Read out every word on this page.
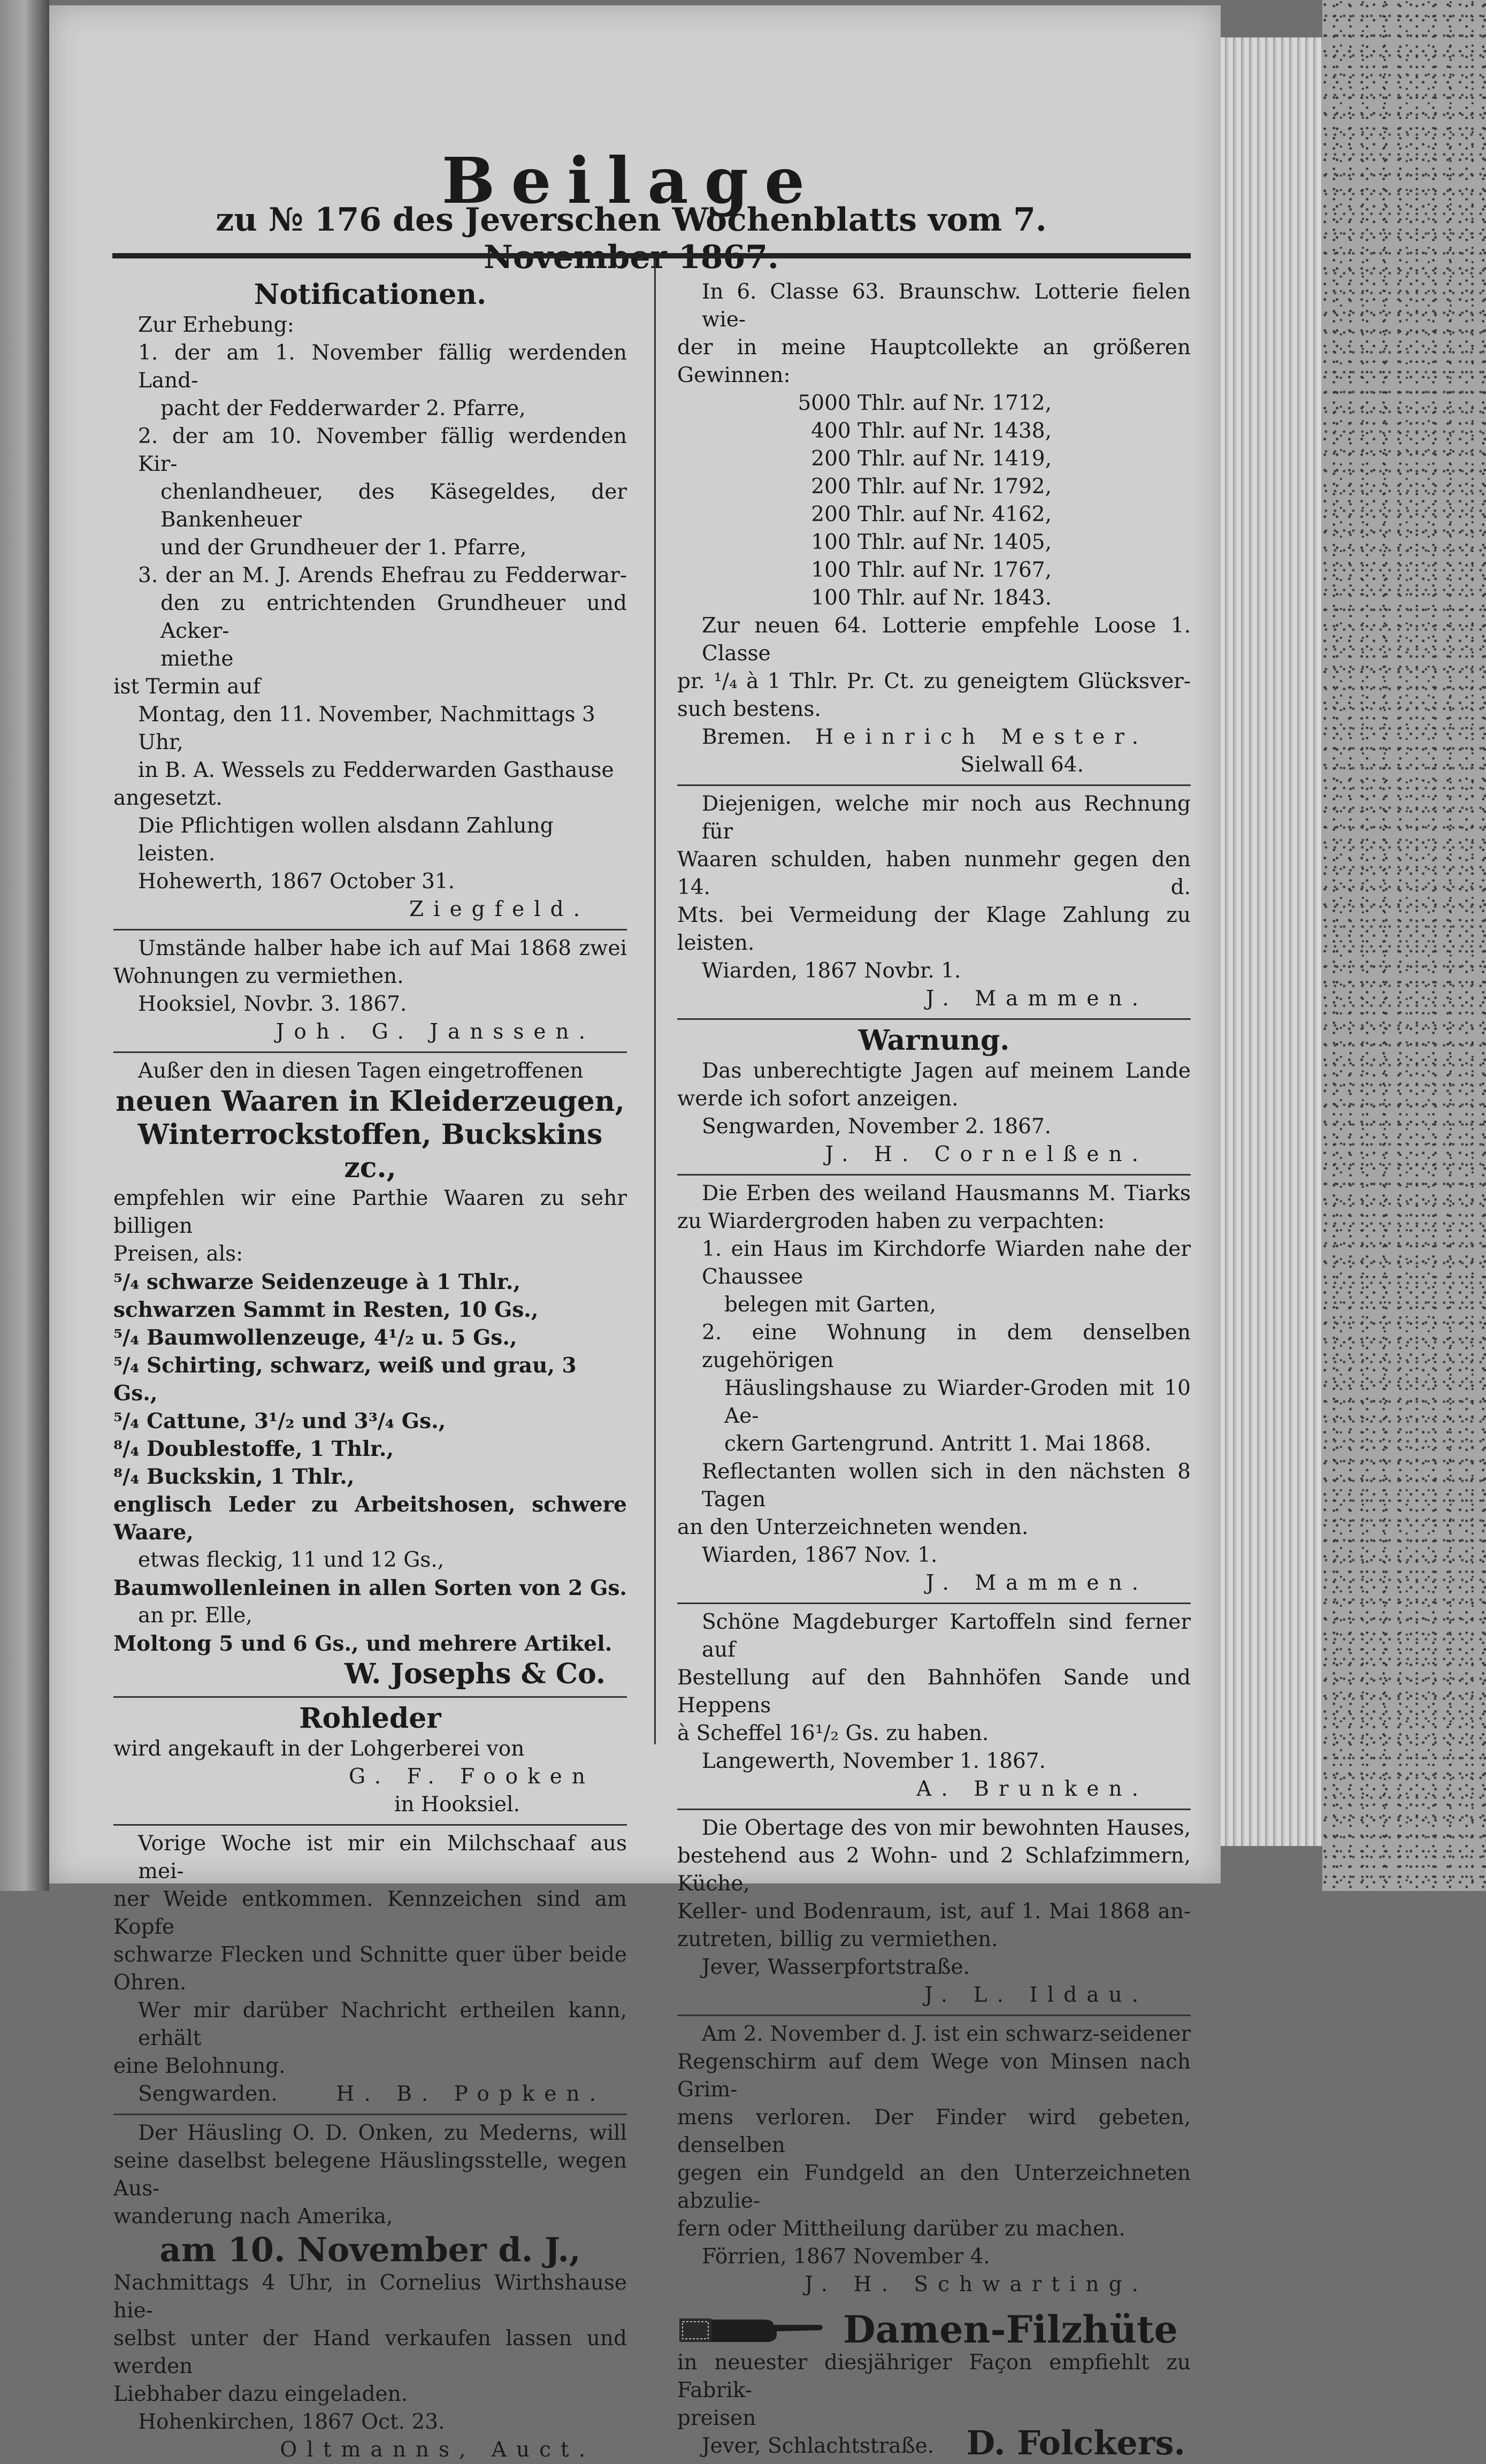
Beilage
zu № 176 des Jeverschen Wochenblatts vom 7.

Notificationen.

Zur Erhebung:

1. der am 1. November fällig werdenden Land-

pacht der Fedderwarder 2. Pfarre,

2. der am 10. November fällig werdenden Kir-

chenlandheuer, des Käsegeldes, der Bankenheuer

und der Grundheuer der 1. Pfarre,

3. der an M. J. Arends Ehefrau zu Fedderwar-

den zu entrichtenden Grundheuer und Acker-

miethe

ist Termin auf

Montag, den 11. November, Nachmittags 3 Uhr,

in B. A. Wessels zu Fedderwarden Gasthause

angesetzt.

Die Pflichtigen wollen alsdann Zahlung leisten.

Hohewerth, 1867 October 31.

Ziegfeld.

Umstände halber habe ich auf Mai 1868 zwei

Wohnungen zu vermiethen.

Hooksiel, Novbr. 3. 1867.

Joh. G. Janssen.

Außer den in diesen Tagen eingetroffenen

neuen Waaren in Kleiderzeugen,

Winterrockstoffen, Buckskins zc.,

empfehlen wir eine Parthie Waaren zu sehr billigen

Preisen, als:

⁵/₄ schwarze Seidenzeuge à 1 Thlr.,

schwarzen Sammt in Resten, 10 Gs.,

⁵/₄ Baumwollenzeuge, 4¹/₂ u. 5 Gs.,

⁵/₄ Schirting, schwarz, weiß und grau, 3 Gs.,

⁵/₄ Cattune, 3¹/₂ und 3³/₄ Gs.,

⁸/₄ Doublestoffe, 1 Thlr.,

⁸/₄ Buckskin, 1 Thlr.,

englisch Leder zu Arbeitshosen, schwere Waare,

etwas fleckig, 11 und 12 Gs.,

Baumwollenleinen in allen Sorten von 2 Gs.

an pr. Elle,

Moltong 5 und 6 Gs., und mehrere Artikel.

W. Josephs & Co.

Rohleder

wird angekauft in der Lohgerberei von

G. F. Fooken

in Hooksiel.

Vorige Woche ist mir ein Milchschaaf aus mei-

ner Weide entkommen. Kennzeichen sind am Kopfe

schwarze Flecken und Schnitte quer über beide Ohren.

Wer mir darüber Nachricht ertheilen kann, erhält

eine Belohnung.

Sengwarden.	H. B. Popken.

Der Häusling O. D. Onken, zu Mederns, will

seine daselbst belegene Häuslingsstelle, wegen Aus-

wanderung nach Amerika,

am 10. November d. J.,

Nachmittags 4 Uhr, in Cornelius Wirthshause hie-

selbst unter der Hand verkaufen lassen und werden

Liebhaber dazu eingeladen.

Hohenkirchen, 1867 Oct. 23.

Oltmanns, Auct.

In 6. Classe 63. Braunschw. Lotterie fielen wie-

der in meine Hauptcollekte an größeren Gewinnen:

5000 Thlr. auf Nr. 1712,

400 Thlr. auf Nr. 1438,

200 Thlr. auf Nr. 1419,

200 Thlr. auf Nr. 1792,

200 Thlr. auf Nr. 4162,

100 Thlr. auf Nr. 1405,

100 Thlr. auf Nr. 1767,

100 Thlr. auf Nr. 1843.

Zur neuen 64. Lotterie empfehle Loose 1. Classe

pr. ¹/₄ à 1 Thlr. Pr. Ct. zu geneigtem Glücksver-

such bestens.

Bremen. Heinrich Mester.

Sielwall 64.

Diejenigen, welche mir noch aus Rechnung für

Waaren schulden, haben nunmehr gegen den 14. d.

Mts. bei Vermeidung der Klage Zahlung zu leisten.

Wiarden, 1867 Novbr. 1.

J. Mammen.

Warnung.

Das unberechtigte Jagen auf meinem Lande

werde ich sofort anzeigen.

Sengwarden, November 2. 1867.

J. H. Cornelßen.

Die Erben des weiland Hausmanns M. Tiarks

zu Wiardergroden haben zu verpachten:

1. ein Haus im Kirchdorfe Wiarden nahe der Chaussee

belegen mit Garten,

2. eine Wohnung in dem denselben zugehörigen

Häuslingshause zu Wiarder-Groden mit 10 Ae-

ckern Gartengrund. Antritt 1. Mai 1868.

Reflectanten wollen sich in den nächsten 8 Tagen

an den Unterzeichneten wenden.

Wiarden, 1867 Nov. 1.

J. Mammen.

Schöne Magdeburger Kartoffeln sind ferner auf

Bestellung auf den Bahnhöfen Sande und Heppens

à Scheffel 16¹/₂ Gs. zu haben.

Langewerth, November 1. 1867.

A. Brunken.

Die Obertage des von mir bewohnten Hauses,

bestehend aus 2 Wohn- und 2 Schlafzimmern, Küche,

Keller- und Bodenraum, ist, auf 1. Mai 1868 an-

zutreten, billig zu vermiethen.

Jever, Wasserpfortstraße.

J. L. Ildau.

Am 2. November d. J. ist ein schwarz-seidener

Regenschirm auf dem Wege von Minsen nach Grim-

mens verloren. Der Finder wird gebeten, denselben

gegen ein Fundgeld an den Unterzeichneten abzulie-

fern oder Mittheilung darüber zu machen.

Förrien, 1867 November 4.

J. H. Schwarting.

Damen-Filzhüte

in neuester diesjähriger Façon empfiehlt zu Fabrik-

preisen

Jever, Schlachtstraße. D. Folckers.
